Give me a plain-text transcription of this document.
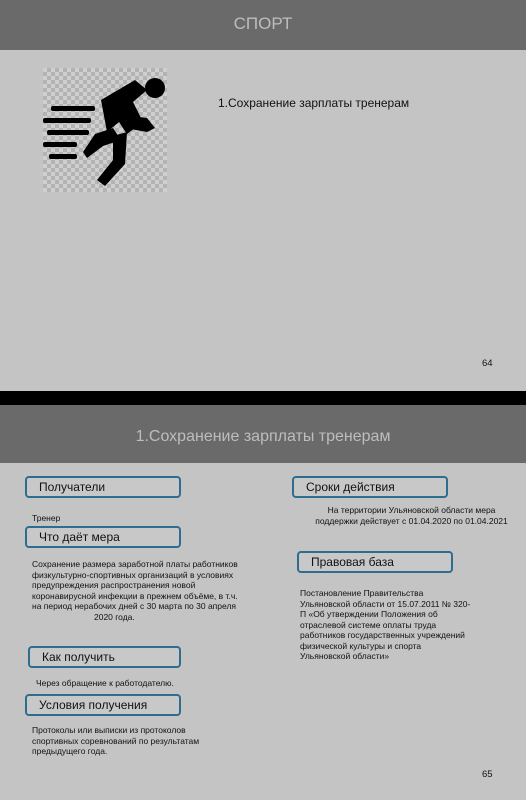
СПОРТ
1.Сохранение зарплаты тренерам
64
1.Сохранение зарплаты тренерам
Получатели
Тренер
Что даёт мера
Сохранение размера заработной платы работников
физкультурно-спортивных организаций в условиях
предупреждения распространения новой
коронавирусной инфекции в прежнем объёме, в т.ч.
на период нерабочих дней с 30 марта по 30 апреля
2020 года.
Как получить
Через обращение к работодателю.
Условия получения
Протоколы или выписки из протоколов
спортивных соревнований по результатам
предыдущего года.
Сроки действия
На территории Ульяновской области мера
поддержки действует с 01.04.2020 по 01.04.2021
Правовая база
Постановление Правительства
Ульяновской области от 15.07.2011 № 320-
П «Об утверждении Положения об
отраслевой системе оплаты труда
работников государственных учреждений
физической культуры и спорта
Ульяновской области»
65
